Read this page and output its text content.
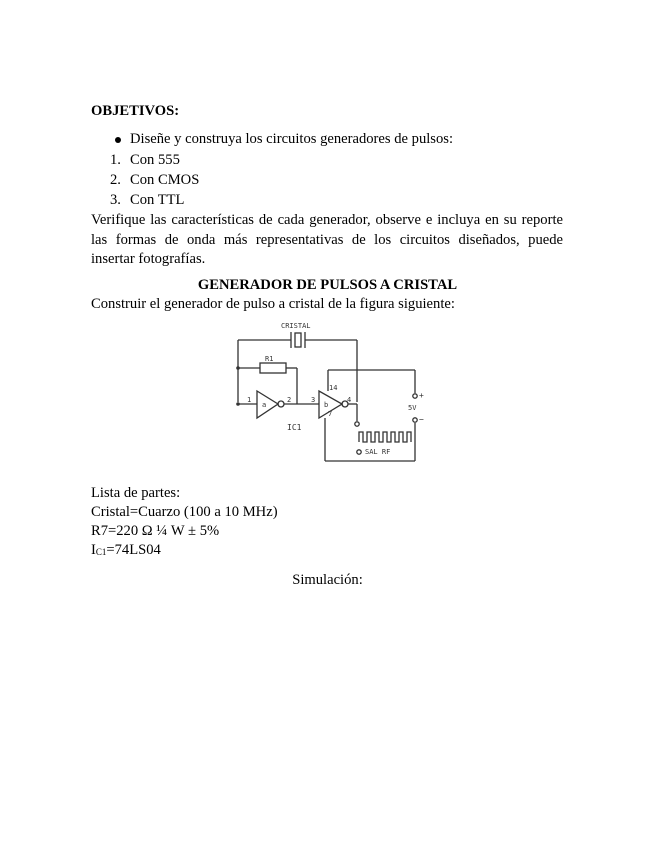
OBJETIVOS:
Diseñe y construya los circuitos generadores de pulsos:
1. Con 555
2. Con CMOS
3. Con TTL
Verifique las características de cada generador, observe e incluya en su reporte
las formas de onda más representativas de los circuitos diseñados, puede
insertar fotografías.
GENERADOR DE PULSOS A CRISTAL
Construir el generador de pulso a cristal de la figura siguiente:
CRISTAL
R1
1	2	3	4
7
14
a	b
IC1
5V
+
−
SAL RF
Lista de partes:
Cristal=Cuarzo (100 a 10 MHz)
R7=220 Ω ¼ W ± 5%
$I_{C1}=74LS04$
Simulación:
